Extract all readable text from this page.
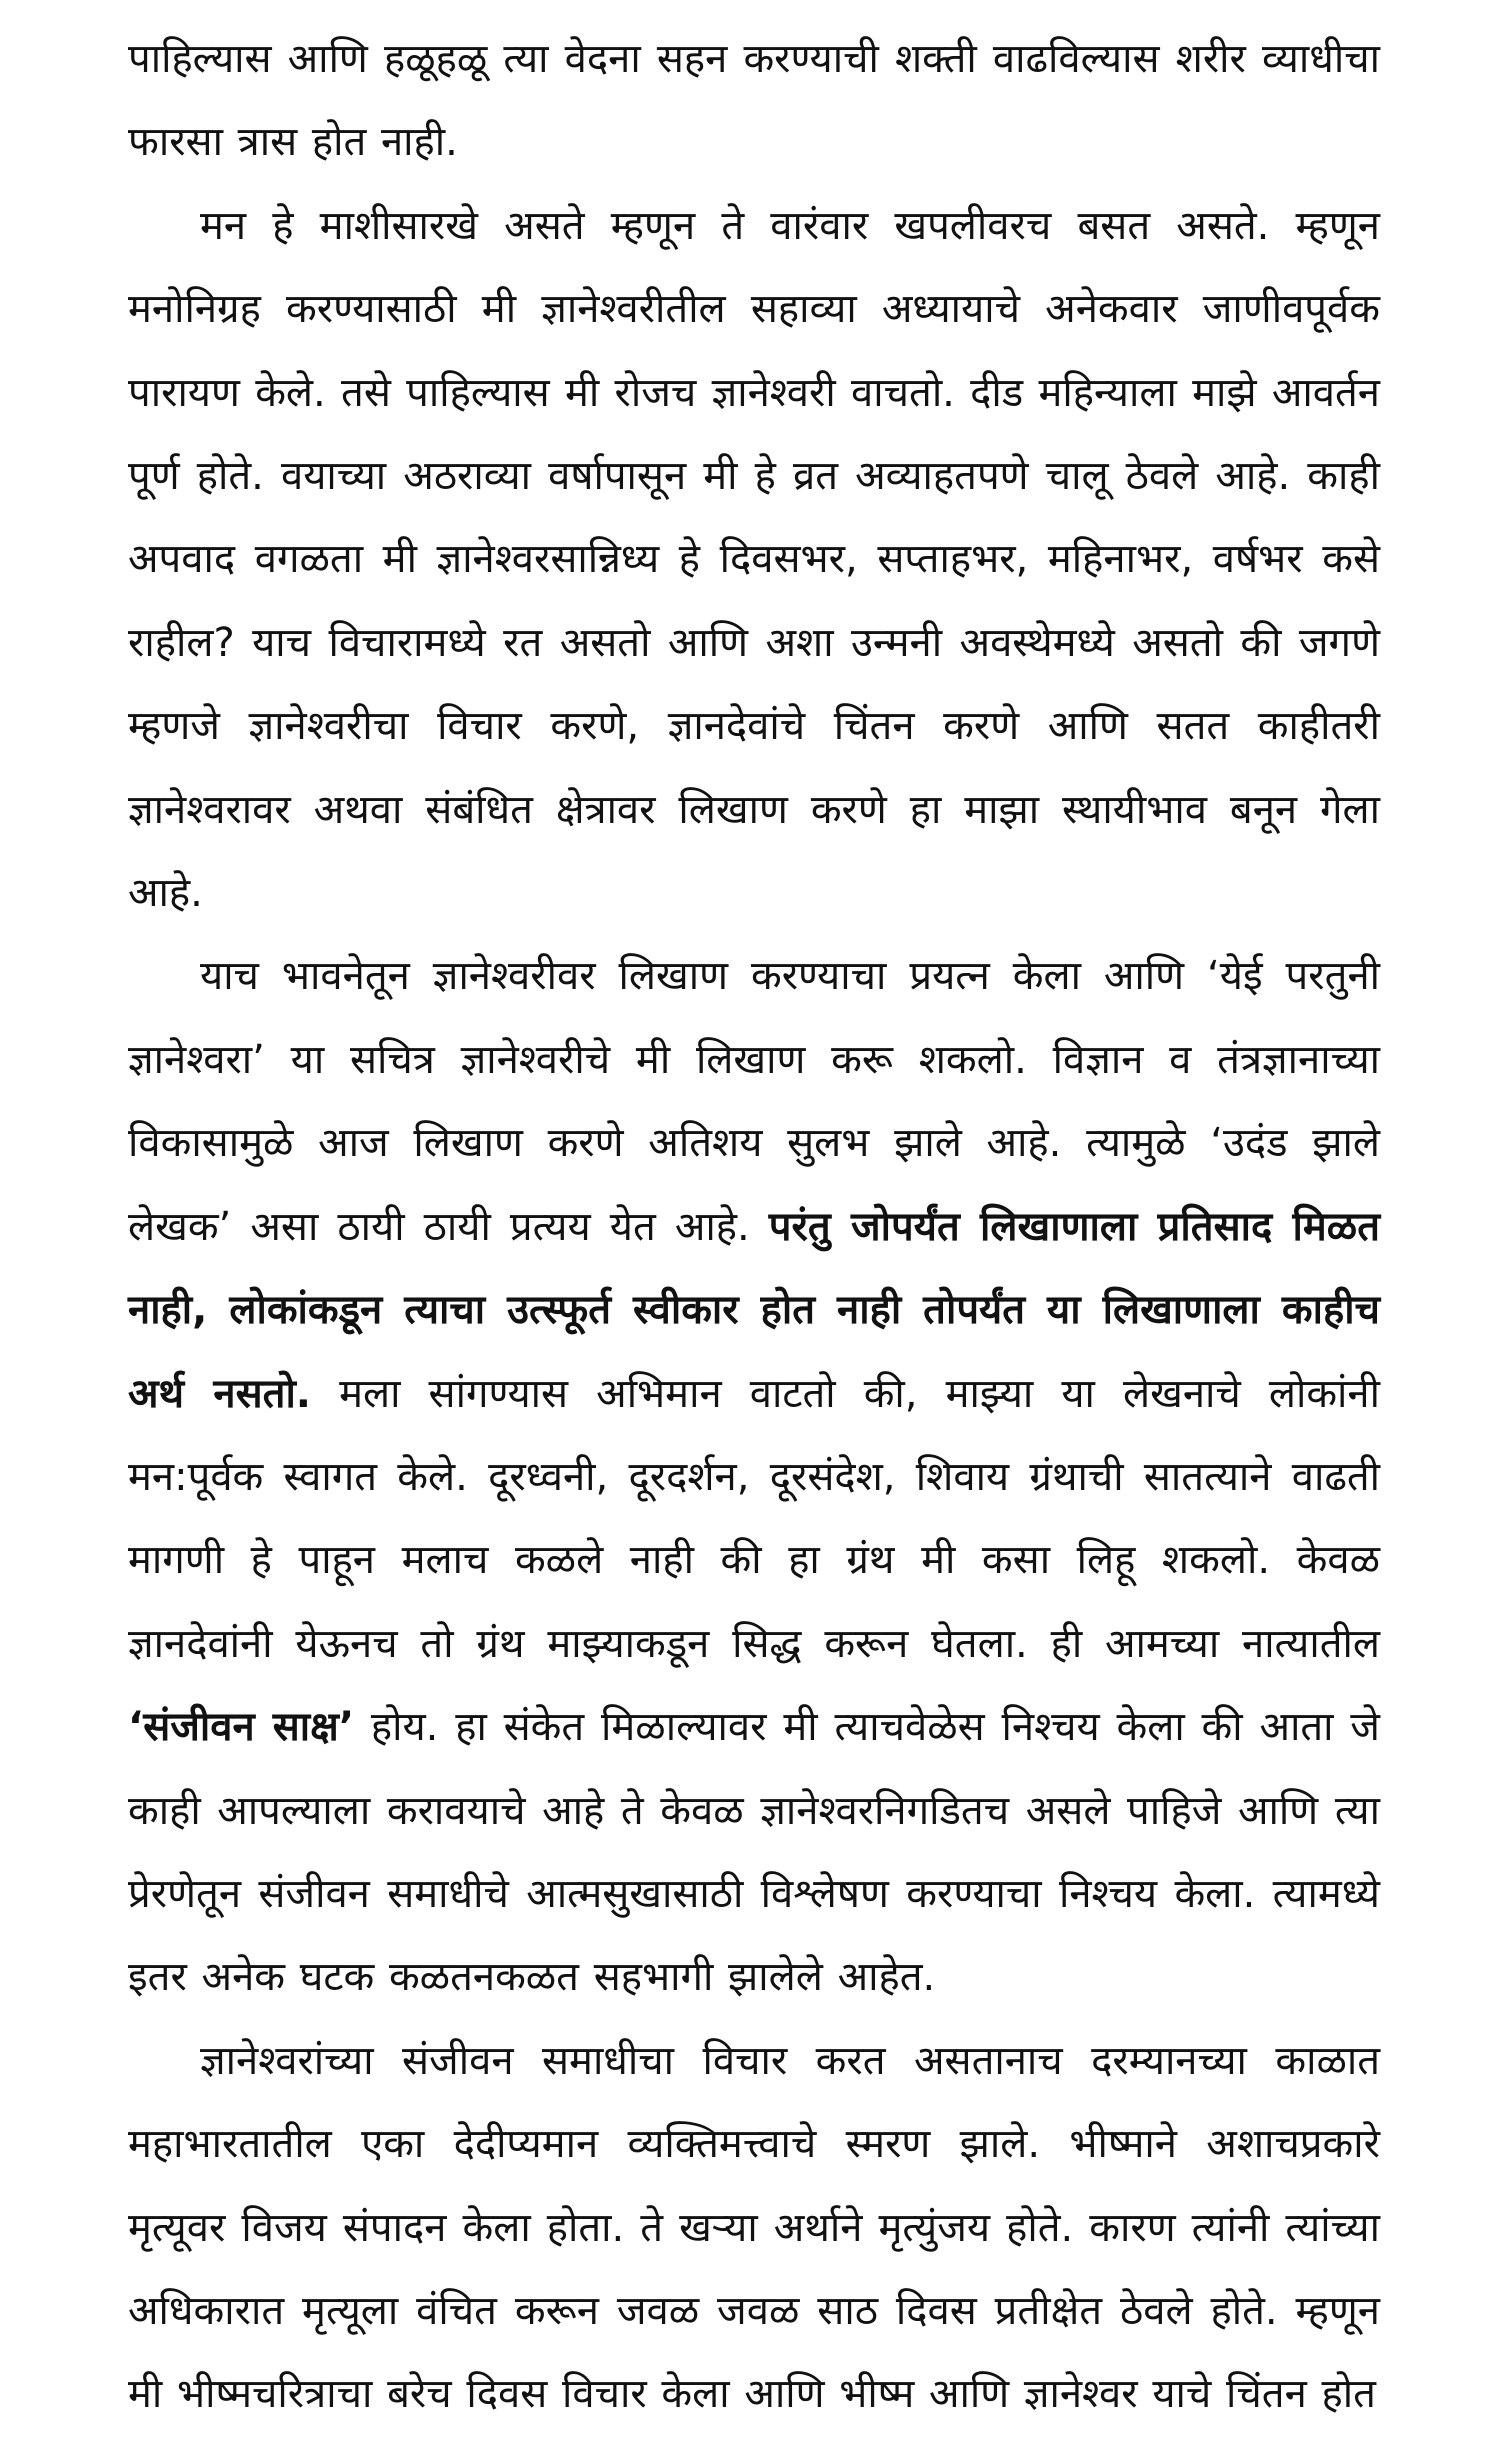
पाहिल्यास आणि हळूहळू त्या वेदना सहन करण्याची शक्ती वाढविल्यास शरीर व्याधीचा फारसा त्रास होत नाही.

मन हे माशीसारखे असते म्हणून ते वारंवार खपलीवरच बसत असते. म्हणून मनोनिग्रह करण्यासाठी मी ज्ञानेश्वरीतील सहाव्या अध्यायाचे अनेकवार जाणीवपूर्वक पारायण केले. तसे पाहिल्यास मी रोजच ज्ञानेश्वरी वाचतो. दीड महिन्याला माझे आवर्तन पूर्ण होते. वयाच्या अठराव्या वर्षापासून मी हे व्रत अव्याहतपणे चालू ठेवले आहे. काही अपवाद वगळता मी ज्ञानेश्वरसान्निध्य हे दिवसभर, सप्ताहभर, महिनाभर, वर्षभर कसे राहील? याच विचारामध्ये रत असतो आणि अशा उन्मनी अवस्थेमध्ये असतो की जगणे म्हणजे ज्ञानेश्वरीचा विचार करणे, ज्ञानदेवांचे चिंतन करणे आणि सतत काहीतरी ज्ञानेश्वरावर अथवा संबंधित क्षेत्रावर लिखाण करणे हा माझा स्थायीभाव बनून गेला आहे.

याच भावनेतून ज्ञानेश्वरीवर लिखाण करण्याचा प्रयत्न केला आणि ‘येई परतुनी ज्ञानेश्वरा’ या सचित्र ज्ञानेश्वरीचे मी लिखाण करू शकलो. विज्ञान व तंत्रज्ञानाच्या विकासामुळे आज लिखाण करणे अतिशय सुलभ झाले आहे. त्यामुळे ‘उदंड झाले लेखक’ असा ठायी ठायी प्रत्यय येत आहे. परंतु जोपर्यंत लिखाणाला प्रतिसाद मिळत नाही, लोकांकडून त्याचा उत्स्फूर्त स्वीकार होत नाही तोपर्यंत या लिखाणाला काहीच अर्थ नसतो. मला सांगण्यास अभिमान वाटतो की, माझ्या या लेखनाचे लोकांनी मन:पूर्वक स्वागत केले. दूरध्वनी, दूरदर्शन, दूरसंदेश, शिवाय ग्रंथाची सातत्याने वाढती मागणी हे पाहून मलाच कळले नाही की हा ग्रंथ मी कसा लिहू शकलो. केवळ ज्ञानदेवांनी येऊनच तो ग्रंथ माझ्याकडून सिद्ध करून घेतला. ही आमच्या नात्यातील ‘संजीवन साक्ष’ होय. हा संकेत मिळाल्यावर मी त्याचवेळेस निश्चय केला की आता जे काही आपल्याला करावयाचे आहे ते केवळ ज्ञानेश्वरनिगडितच असले पाहिजे आणि त्या प्रेरणेतून संजीवन समाधीचे आत्मसुखासाठी विश्लेषण करण्याचा निश्चय केला. त्यामध्ये इतर अनेक घटक कळतनकळत सहभागी झालेले आहेत.

ज्ञानेश्वरांच्या संजीवन समाधीचा विचार करत असतानाच दरम्यानच्या काळात महाभारतातील एका देदीप्यमान व्यक्तिमत्त्वाचे स्मरण झाले. भीष्माने अशाचप्रकारे मृत्यूवर विजय संपादन केला होता. ते खऱ्या अर्थाने मृत्युंजय होते. कारण त्यांनी त्यांच्या अधिकारात मृत्यूला वंचित करून जवळ जवळ साठ दिवस प्रतीक्षेत ठेवले होते. म्हणून मी भीष्मचरित्राचा बरेच दिवस विचार केला आणि भीष्म आणि ज्ञानेश्वर याचे चिंतन होत
